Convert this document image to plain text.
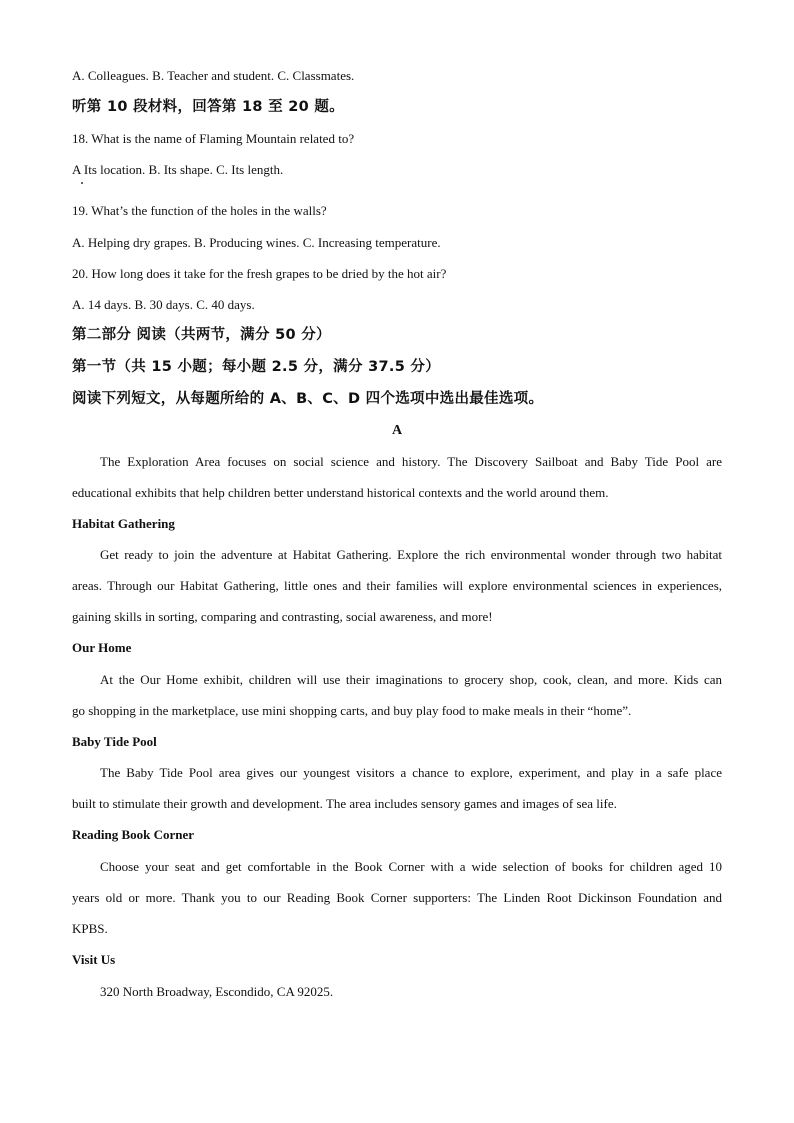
A. Colleagues. B. Teacher and student. C. Classmates.
听第 10 段材料，回答第 18 至 20 题。
18. What is the name of Flaming Mountain related to?
A Its location. B. Its shape. C. Its length.
19. What’s the function of the holes in the walls?
A. Helping dry grapes. B. Producing wines. C. Increasing temperature.
20. How long does it take for the fresh grapes to be dried by the hot air?
A. 14 days. B. 30 days. C. 40 days.
第二部分 阅读（共两节，满分 50 分）
第一节（共 15 小题；每小题 2.5 分，满分 37.5 分）
阅读下列短文，从每题所给的 A、B、C、D 四个选项中选出最佳选项。
A
The Exploration Area focuses on social science and history. The Discovery Sailboat and Baby Tide Pool are
educational exhibits that help children better understand historical contexts and the world around them.
Habitat Gathering
Get ready to join the adventure at Habitat Gathering. Explore the rich environmental wonder through two habitat
areas. Through our Habitat Gathering, little ones and their families will explore environmental sciences in experiences,
gaining skills in sorting, comparing and contrasting, social awareness, and more!
Our Home
At the Our Home exhibit, children will use their imaginations to grocery shop, cook, clean, and more. Kids can
go shopping in the marketplace, use mini shopping carts, and buy play food to make meals in their “home”.
Baby Tide Pool
The Baby Tide Pool area gives our youngest visitors a chance to explore, experiment, and play in a safe place
built to stimulate their growth and development. The area includes sensory games and images of sea life.
Reading Book Corner
Choose your seat and get comfortable in the Book Corner with a wide selection of books for children aged 10
years old or more. Thank you to our Reading Book Corner supporters: The Linden Root Dickinson Foundation and
KPBS.
Visit Us
320 North Broadway, Escondido, CA 92025.
